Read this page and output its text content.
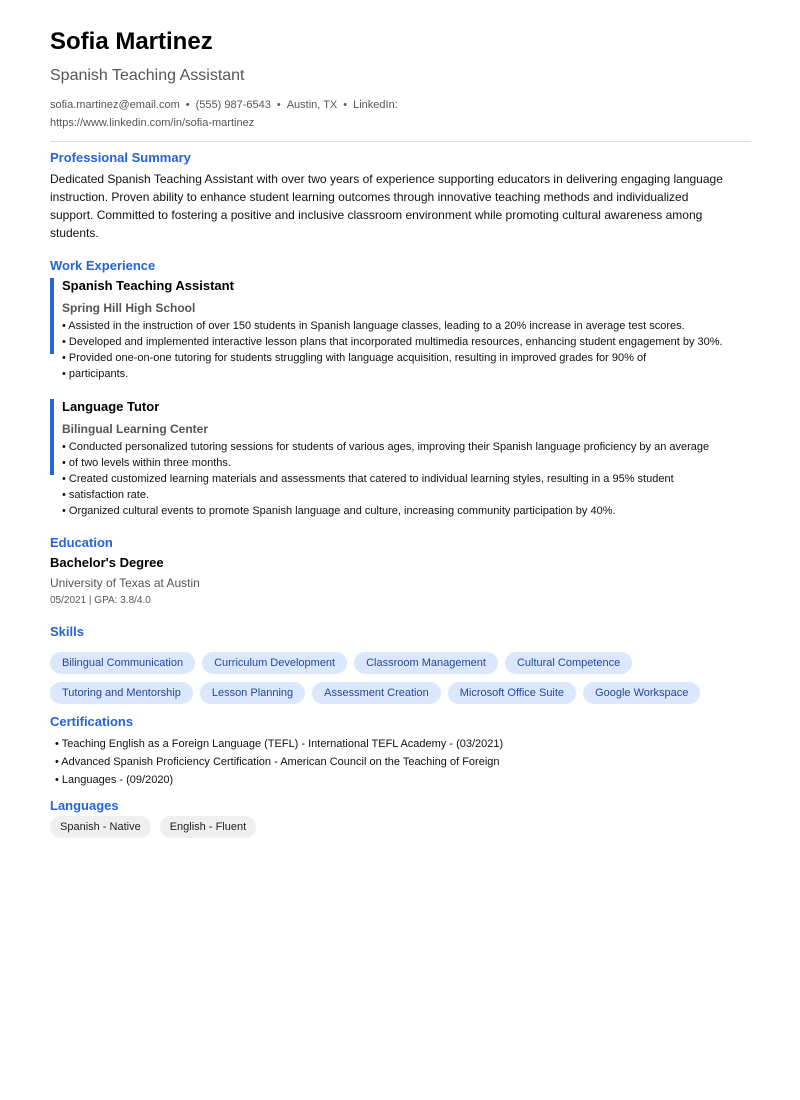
Sofia Martinez
Spanish Teaching Assistant
sofia.martinez@email.com • (555) 987-6543 • Austin, TX • LinkedIn:
https://www.linkedin.com/in/sofia-martinez
Professional Summary
Dedicated Spanish Teaching Assistant with over two years of experience supporting educators in delivering engaging language
instruction. Proven ability to enhance student learning outcomes through innovative teaching methods and individualized
support. Committed to fostering a positive and inclusive classroom environment while promoting cultural awareness among
students.
Work Experience
Spanish Teaching Assistant
Spring Hill High School
• Assisted in the instruction of over 150 students in Spanish language classes, leading to a 20% increase in average test scores.
• Developed and implemented interactive lesson plans that incorporated multimedia resources, enhancing student engagement by 30%.
• Provided one-on-one tutoring for students struggling with language acquisition, resulting in improved grades for 90% of
• participants.
Language Tutor
Bilingual Learning Center
• Conducted personalized tutoring sessions for students of various ages, improving their Spanish language proficiency by an average
• of two levels within three months.
• Created customized learning materials and assessments that catered to individual learning styles, resulting in a 95% student
• satisfaction rate.
• Organized cultural events to promote Spanish language and culture, increasing community participation by 40%.
Education
Bachelor's Degree
University of Texas at Austin
05/2021 | GPA: 3.8/4.0
Skills
Bilingual Communication	Curriculum Development	Classroom Management	Cultural Competence
Tutoring and Mentorship	Lesson Planning	Assessment Creation	Microsoft Office Suite	Google Workspace
Certifications
• Teaching English as a Foreign Language (TEFL) - International TEFL Academy - (03/2021)
• Advanced Spanish Proficiency Certification - American Council on the Teaching of Foreign
• Languages - (09/2020)
Languages
Spanish - Native	English - Fluent
